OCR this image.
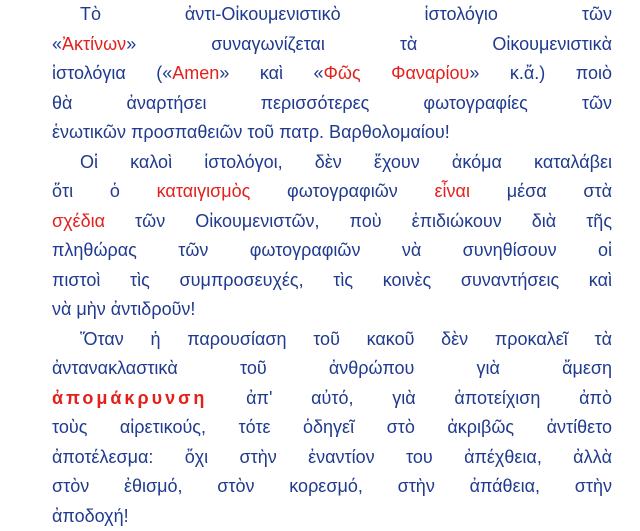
Τὸ ἀντι-Οἰκουμενιστικὸ ἱστολόγιο τῶν
«Ἀκτίνων» συναγωνίζεται τὰ Οἰκουμενιστικὰ
ἱστολόγια («Amen» καὶ «Φῶς Φαναρίου» κ.ἄ.) ποιὸ
θὰ ἀναρτήσει περισσότερες φωτογραφίες τῶν
ἑνωτικῶν προσπαθειῶν τοῦ πατρ. Βαρθολομαίου!
Οἱ καλοὶ ἱστολόγοι, δὲν ἔχουν ἀκόμα καταλάβει
ὅτι ὁ καταιγισμὸς φωτογραφιῶν εἶναι μέσα στὰ
σχέδια τῶν Οἰκουμενιστῶν, ποὺ ἐπιδιώκουν διὰ τῆς
πληθώρας τῶν φωτογραφιῶν νὰ συνηθίσουν οἱ
πιστοὶ τὶς συμπροσευχές, τὶς κοινὲς συναντήσεις καὶ
νὰ μὴν ἀντιδροῦν!
Ὅταν ἡ παρουσίαση τοῦ κακοῦ δὲν προκαλεῖ τὰ
ἀντανακλαστικὰ τοῦ ἀνθρώπου γιὰ ἄμεση
ἀπομάκρυνση ἀπ' αὐτό, γιὰ ἀποτείχιση ἀπὸ
τοὺς αἱρετικούς, τότε ὁδηγεῖ στὸ ἀκριβῶς ἀντίθετο
ἀποτέλεσμα: ὄχι στὴν ἐναντίον του ἀπέχθεια, ἀλλὰ
στὸν ἐθισμό, στὸν κορεσμό, στὴν ἀπάθεια, στὴν
ἀποδοχή!
